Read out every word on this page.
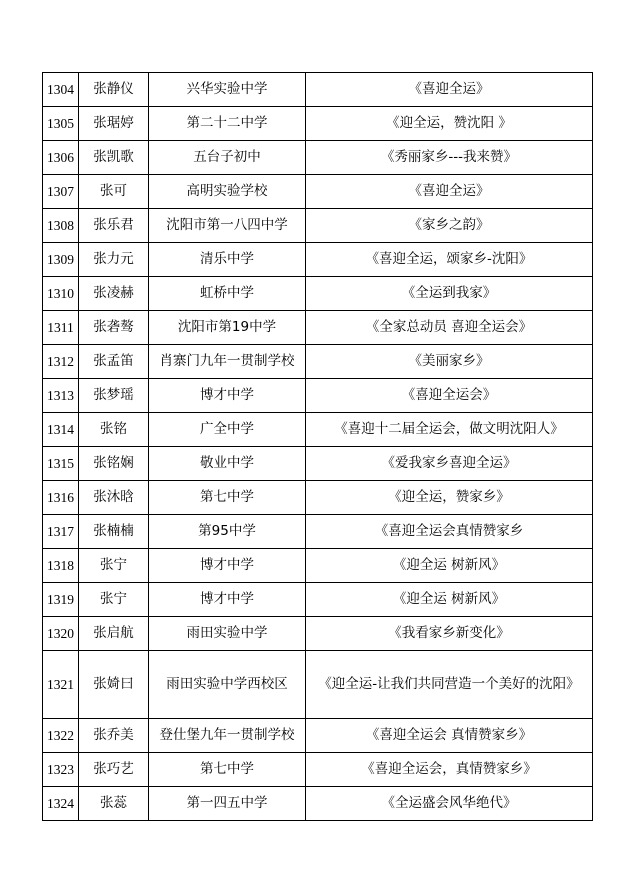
1304	张静仪	兴华实验中学	《喜迎全运》
1305	张琚婷	第二十二中学	《迎全运，赞沈阳 》
1306	张凯歌	五台子初中	《秀丽家乡---我来赞》
1307	张可	高明实验学校	《喜迎全运》
1308	张乐君	沈阳市第一八四中学	《家乡之韵》
1309	张力元	清乐中学	《喜迎全运，颂家乡-沈阳》
1310	张凌赫	虹桥中学	《全运到我家》
1311	张砻骜	沈阳市第19中学	《全家总动员 喜迎全运会》
1312	张孟笛	肖寨门九年一贯制学校	《美丽家乡》
1313	张梦瑶	博才中学	《喜迎全运会》
1314	张铭	广全中学	《喜迎十二届全运会，做文明沈阳人》
1315	张铭娴	敬业中学	《爱我家乡喜迎全运》
1316	张沐晗	第七中学	《迎全运，赞家乡》
1317	张楠楠	第95中学	《喜迎全运会真情赞家乡
1318	张宁	博才中学	《迎全运 树新风》
1319	张宁	博才中学	《迎全运 树新风》
1320	张启航	雨田实验中学	《我看家乡新变化》
1321	张婍曰	雨田实验中学西校区	《迎全运-让我们共同营造一个美好的沈阳》
1322	张乔美	登仕堡九年一贯制学校	《喜迎全运会 真情赞家乡》
1323	张巧艺	第七中学	《喜迎全运会，真情赞家乡》
1324	张蕊	第一四五中学	《全运盛会风华绝代》
